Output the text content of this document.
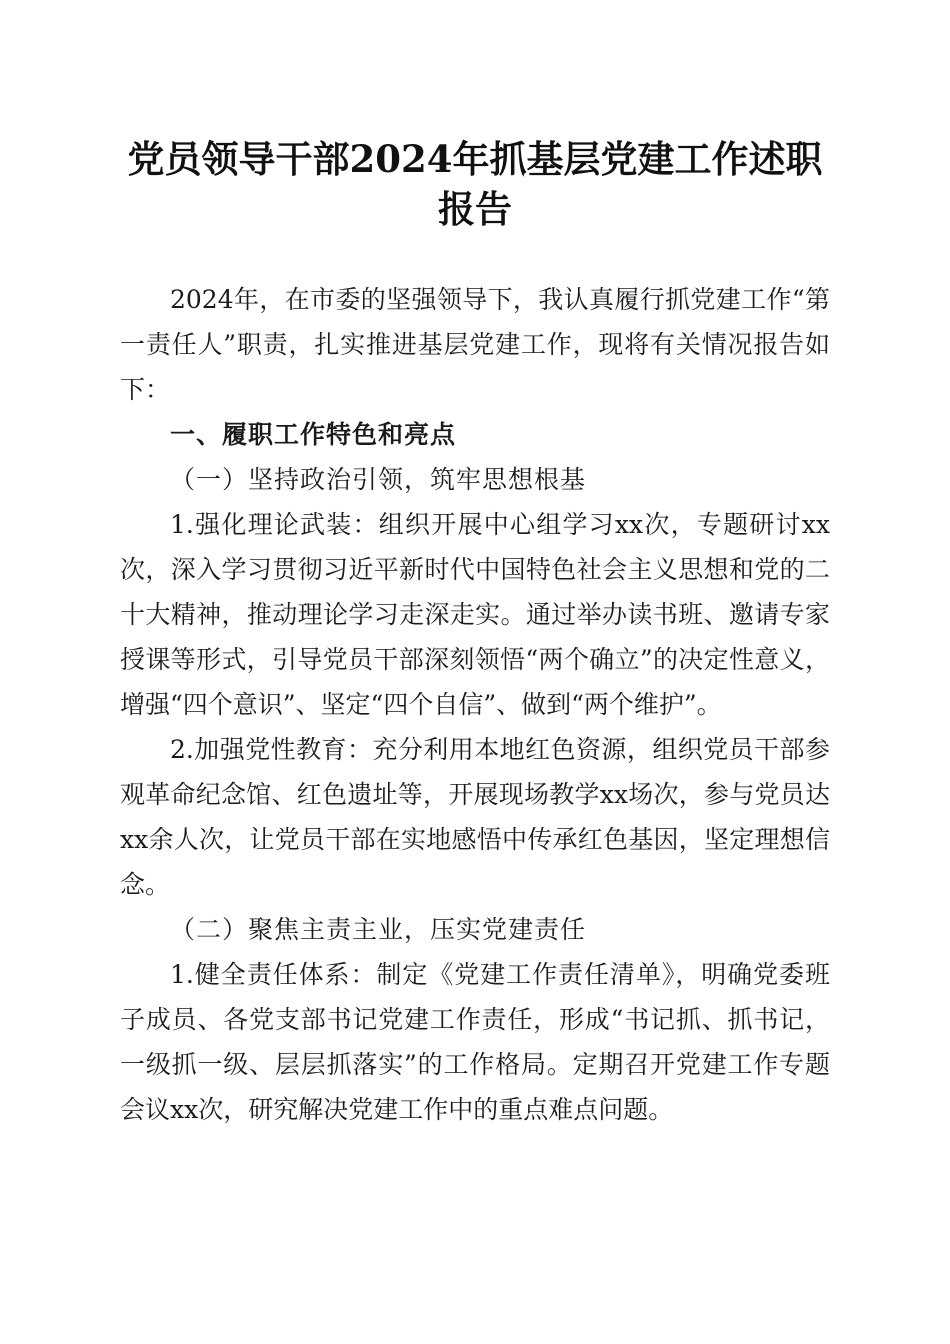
党员领导干部2024年抓基层党建工作述职报告

2024年，在市委的坚强领导下，我认真履行抓党建工作“第一责任人”职责，扎实推进基层党建工作，现将有关情况报告如下：

一、履职工作特色和亮点

（一）坚持政治引领，筑牢思想根基

1.强化理论武装：组织开展中心组学习xx次，专题研讨xx次，深入学习贯彻习近平新时代中国特色社会主义思想和党的二十大精神，推动理论学习走深走实。通过举办读书班、邀请专家授课等形式，引导党员干部深刻领悟“两个确立”的决定性意义，增强“四个意识”、坚定“四个自信”、做到“两个维护”。

2.加强党性教育：充分利用本地红色资源，组织党员干部参观革命纪念馆、红色遗址等，开展现场教学xx场次，参与党员达xx余人次，让党员干部在实地感悟中传承红色基因，坚定理想信念。

（二）聚焦主责主业，压实党建责任

1.健全责任体系：制定《党建工作责任清单》，明确党委班子成员、各党支部书记党建工作责任，形成“书记抓、抓书记，一级抓一级、层层抓落实”的工作格局。定期召开党建工作专题会议xx次，研究解决党建工作中的重点难点问题。
